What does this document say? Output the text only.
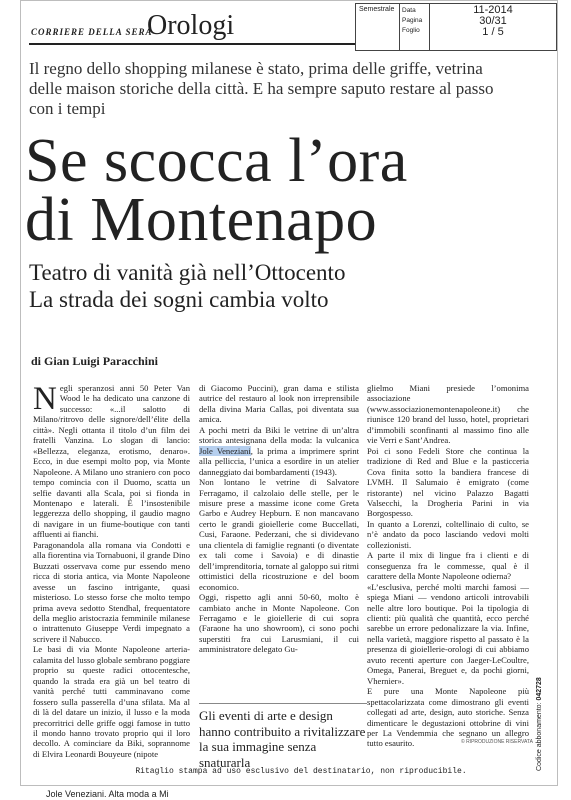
CORRIERE DELLA SERA
Orologi
Semestrale	Data
Pagina
Foglio
11-2014
30/31
1 / 5
Il regno dello shopping milanese è stato, prima delle griffe, vetrina delle maison storiche della città. E ha sempre saputo restare al passo con i tempi
Se scocca l’ora
di Montenapo
Teatro di vanità già nell’Ottocento
La strada dei sogni cambia volto
di Gian Luigi Paracchini

Negli speranzosi anni 50 Peter Van Wood le ha dedicato una canzone di successo: «...il salotto di Milano/ritrovo delle signore/dell’élite della città». Negli ottanta il titolo d’un film dei fratelli Vanzina. Lo slogan di lancio: «Bellezza, eleganza, erotismo, denaro». Ecco, in due esempi molto pop, via Monte Napoleone. A Milano uno straniero con poco tempo comincia con il Duomo, scatta un selfie davanti alla Scala, poi si fionda in Montenapo e laterali. È l’insostenibile leggerezza dello shopping, il gaudio magno di navigare in un fiume-boutique con tanti affluenti ai fianchi.

Paragonandola alla romana via Condotti e alla fiorentina via Tornabuoni, il grande Dino Buzzati osservava come pur essendo meno ricca di storia antica, via Monte Napoleone avesse un fascino intrigante, quasi misterioso. Lo stesso forse che molto tempo prima aveva sedotto Stendhal, frequentatore della meglio aristocrazia femminile milanese o intrattenuto Giuseppe Verdi impegnato a scrivere il Nabucco.

Le basi di via Monte Napoleone arteria-calamita del lusso globale sembrano poggiare proprio su queste radici ottocentesche, quando la strada era già un bel teatro di vanità perché tutti camminavano come fossero sulla passerella d’una sfilata. Ma al di là del datare un inizio, il lusso e la moda precorritrici delle griffe oggi famose in tutto il mondo hanno trovato proprio qui il loro decollo. A cominciare da Biki, soprannome di Elvira Leonardi Bouyeure (nipote

di Giacomo Puccini), gran dama e stilista autrice del restauro al look non irreprensibile della divina Maria Callas, poi diventata sua amica.

A pochi metri da Biki le vetrine di un’altra storica antesignana della moda: la vulcanica Jole Veneziani, la prima a imprimere sprint alla pelliccia, l’unica a esordire in un atelier danneggiato dai bombardamenti (1943).

Non lontano le vetrine di Salvatore Ferragamo, il calzolaio delle stelle, per le misure prese a massime icone come Greta Garbo e Audrey Hepburn. E non mancavano certo le grandi gioiellerie come Buccellati, Cusi, Faraone. Pederzani, che si dividevano una clientela di famiglie regnanti (o diventate ex tali come i Savoia) e di dinastie dell’imprenditoria, tornate al galoppo sui ritmi ottimistici della ricostruzione e del boom economico.

Oggi, rispetto agli anni 50-60, molto è cambiato anche in Monte Napoleone. Con Ferragamo e le gioiellerie di cui sopra (Faraone ha uno showroom), ci sono pochi superstiti fra cui Larusmiani, il cui amministratore delegato Gu-

Gli eventi di arte e design hanno contribuito a rivitalizzare la sua immagine senza snaturarla

glielmo Miani presiede l’omonima associazione (www.associazionemontenapoleone.it) che riunisce 120 brand del lusso, hotel, proprietari d’immobili sconfinanti al massimo fino alle vie Verri e Sant’Andrea.

Poi ci sono Fedeli Store che continua la tradizione di Red and Blue e la pasticceria Cova finita sotto la bandiera francese di LVMH. Il Salumaio è emigrato (come ristorante) nel vicino Palazzo Bagatti Valsecchi, la Drogheria Parini in via Borgospesso.

In quanto a Lorenzi, coltellinaio di culto, se n’è andato da poco lasciando vedovi molti collezionisti.

A parte il mix di lingue fra i clienti e di conseguenza fra le commesse, qual è il carattere della Monte Napoleone odierna?

«L’esclusiva, perché molti marchi famosi — spiega Miani — vendono articoli introvabili nelle altre loro boutique. Poi la tipologia di clienti: più qualità che quantità, ecco perché sarebbe un errore pedonalizzare la via. Infine, nella varietà, maggiore rispetto al passato è la presenza di gioiellerie-orologi di cui abbiamo avuto recenti aperture con Jaeger-LeCoultre, Omega, Panerai, Breguet e, da pochi giorni, Vhernier».

E pure una Monte Napoleone più spettacolarizzata come dimostrano gli eventi collegati ad arte, design, auto storiche. Senza dimenticare le degustazioni ottobrine di vini per La Vendemmia che segnano un allegro tutto esaurito.	© RIPRODUZIONE RISERVATA Codice abbonamento: 042728
Ritaglio stampa ad uso esclusivo del destinatario, non riproducibile.
Jole Veneziani. Alta moda a Mi
